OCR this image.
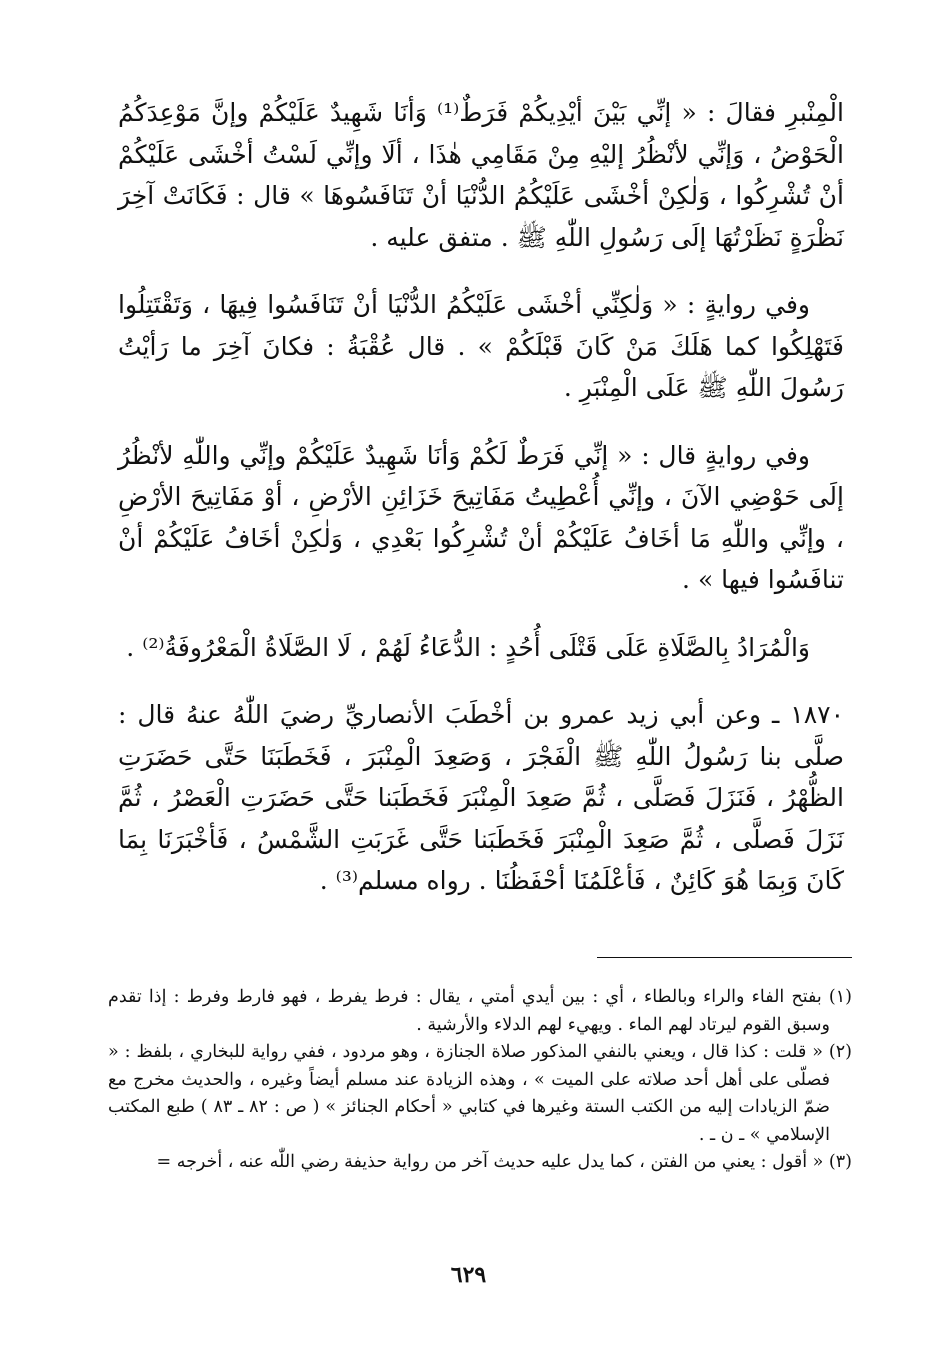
الْمِنْبرِ فقالَ : « إنِّي بَيْنَ أيْدِيكُمْ فَرَطٌ⁽¹⁾ وَأنَا شَهِيدٌ عَلَيْكُمْ وإنَّ مَوْعِدَكُمُ الْحَوْضُ ، وَإنِّي لأنْظُرُ إليْهِ مِنْ مَقَامِي هٰذَا ، ألَا وإنِّي لَسْتُ أخْشَى عَلَيْكُمْ أنْ تُشْرِكُوا ، وَلٰكِنْ أخْشَى عَلَيْكُمُ الدُّنْيَا أنْ تَنَافَسُوهَا » قال : فَكَانَتْ آخِرَ نَظْرَةٍ نَظَرْتُهَا إلَى رَسُولِ اللّٰهِ ﷺ . متفق عليه .

وفي روايةٍ : « وَلٰكِنِّي أخْشَى عَلَيْكُمُ الدُّنْيَا أنْ تَنَافَسُوا فِيهَا ، وَتَقْتَتِلُوا فَتَهْلِكُوا كما هَلَكَ مَنْ كَانَ قَبْلَكُمْ » . قال عُقْبَةُ : فكانَ آخِرَ ما رَأيْتُ رَسُولَ اللّٰهِ ﷺ عَلَى الْمِنْبَرِ .

وفي روايةٍ قال : « إنِّي فَرَطٌ لَكُمْ وَأنَا شَهِيدٌ عَلَيْكُمْ وإنِّي واللّٰهِ لأنْظُرُ إلَى حَوْضِي الآنَ ، وإنِّي أُعْطِيتُ مَفَاتِيحَ خَزَائِنِ الأرْضِ ، أوْ مَفَاتِيحَ الأرْضِ ، وإنِّي واللّٰهِ مَا أخَافُ عَلَيْكُمْ أنْ تُشْرِكُوا بَعْدِي ، وَلٰكِنْ أخَافُ عَلَيْكُمْ أنْ تنافَسُوا فيها » .

وَالْمُرَادُ بِالصَّلَاةِ عَلَى قَتْلَى أُحُدٍ : الدُّعَاءُ لَهُمْ ، لَا الصَّلَاةُ الْمَعْرُوفَةُ⁽²⁾ .

١٨٧٠ ـ وعن أبي زيد عمرو بن أخْطَبَ الأنصاريِّ رضيَ اللّٰهُ عنهُ قال : صلَّى بنا رَسُولُ اللّٰهِ ﷺ الْفَجْرَ ، وَصَعِدَ الْمِنْبَرَ ، فَخَطَبَنَا حَتَّى حَضَرَتِ الظُّهْرُ ، فَنَزَلَ فَصَلَّى ، ثُمَّ صَعِدَ الْمِنْبَرَ فَخَطَبَنا حَتَّى حَضَرَتِ الْعَصْرُ ، ثُمَّ نَزَلَ فَصلَّى ، ثُمَّ صَعِدَ الْمِنْبَرَ فَخَطَبَنا حَتَّى غَرَبَتِ الشَّمْسُ ، فَأخْبَرَنَا بِمَا كَانَ وَبِمَا هُوَ كَائِنٌ ، فَأعْلَمُنَا أحْفَظُنَا . رواه مسلم⁽³⁾ .

(١) بفتح الفاء والراء وبالطاء ، أي : بين أيدي أمتي ، يقال : فرط يفرط ، فهو فارط وفرط : إذا تقدم وسبق القوم ليرتاد لهم الماء . ويهيء لهم الدلاء والأرشية .

(٢) « قلت : كذا قال ، ويعني بالنفي المذكور صلاة الجنازة ، وهو مردود ، ففي رواية للبخاري ، بلفظ : « فصلّى على أهل أحد صلاته على الميت » ، وهذه الزيادة عند مسلم أيضاً وغيره ، والحديث مخرج مع ضمّ الزيادات إليه من الكتب الستة وغيرها في كتابي « أحكام الجنائز » ( ص : ٨٢ ـ ٨٣ ) طبع المكتب الإسلامي » ـ ن ـ .

(٣) « أقول : يعني من الفتن ، كما يدل عليه حديث آخر من رواية حذيفة رضي اللّٰه عنه ، أخرجه =

٦٢٩
